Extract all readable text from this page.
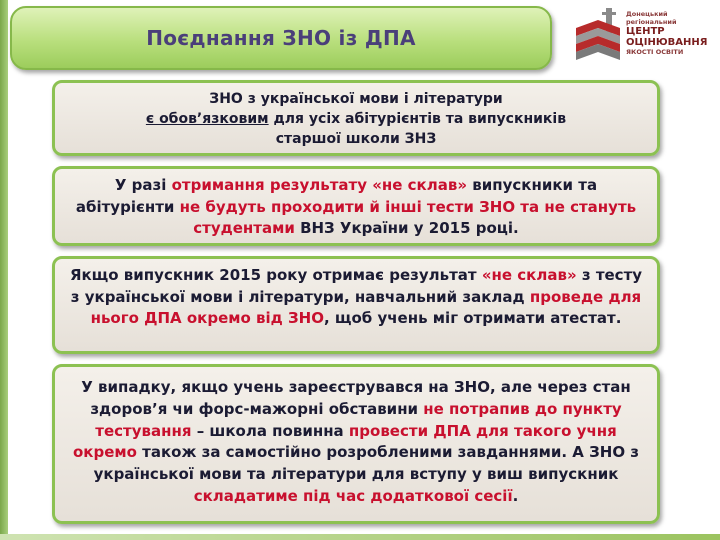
Поєднання ЗНО із ДПА
Донецький
регіональний
ЦЕНТР
ОЦІНЮВАННЯ
ЯКОСТІ ОСВІТИ
ЗНО з української мови і літератури
є обов’язковим для усіх абітурієнтів та випускників
старшої школи ЗНЗ
У разі отримання результату «не склав» випускники та абітурієнти не будуть проходити й інші тести ЗНО та не стануть студентами ВНЗ України у 2015 році.
Якщо випускник 2015 року отримає результат «не склав» з тесту з української мови і літератури, навчальний заклад проведе для нього ДПА окремо від ЗНО, щоб учень міг отримати атестат.
У випадку, якщо учень зареєструвався на ЗНО, але через стан здоров’я чи форс-мажорні обставини не потрапив до пункту тестування – школа повинна провести ДПА для такого учня окремо також за самостійно розробленими завданнями. А ЗНО з української мови та літератури для вступу у виш випускник складатиме під час додаткової сесії.
